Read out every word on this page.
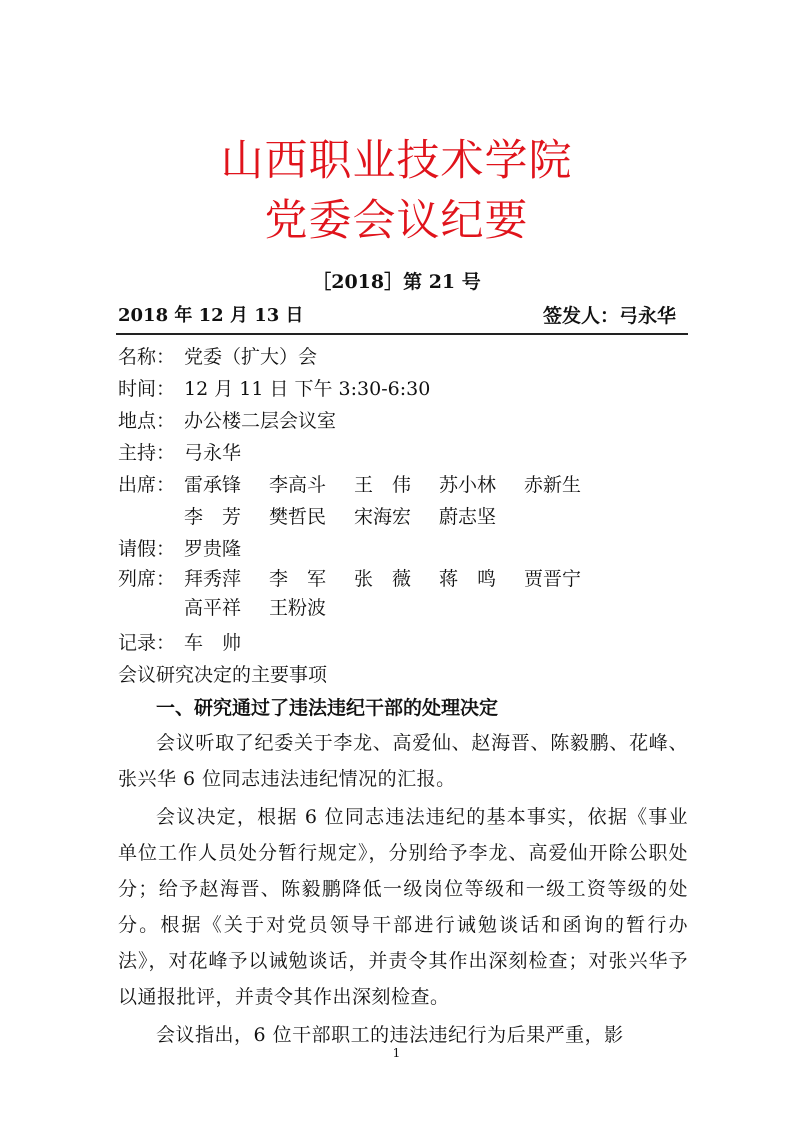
山西职业技术学院
党委会议纪要
［2018］第 21 号
2018 年 12 月 13 日	签发人：弓永华
名称： 党委（扩大）会
时间： 12 月 11 日 下午 3:30-6:30
地点： 办公楼二层会议室
主持： 弓永华
出席： 雷承锋	李高斗	王　伟	苏小林	赤新生
李　芳	樊哲民	宋海宏	蔚志坚
请假： 罗贵隆
列席： 拜秀萍	李　军	张　薇	蒋　鸣	贾晋宁
高平祥	王粉波
记录： 车　帅
会议研究决定的主要事项
一、研究通过了违法违纪干部的处理决定

会议听取了纪委关于李龙、高爱仙、赵海晋、陈毅鹏、花峰、张兴华 6 位同志违法违纪情况的汇报。

会议决定，根据 6 位同志违法违纪的基本事实，依据《事业单位工作人员处分暂行规定》，分别给予李龙、高爱仙开除公职处分；给予赵海晋、陈毅鹏降低一级岗位等级和一级工资等级的处分。根据《关于对党员领导干部进行诫勉谈话和函询的暂行办法》，对花峰予以诫勉谈话，并责令其作出深刻检查；对张兴华予以通报批评，并责令其作出深刻检查。

会议指出，6 位干部职工的违法违纪行为后果严重，影

1
